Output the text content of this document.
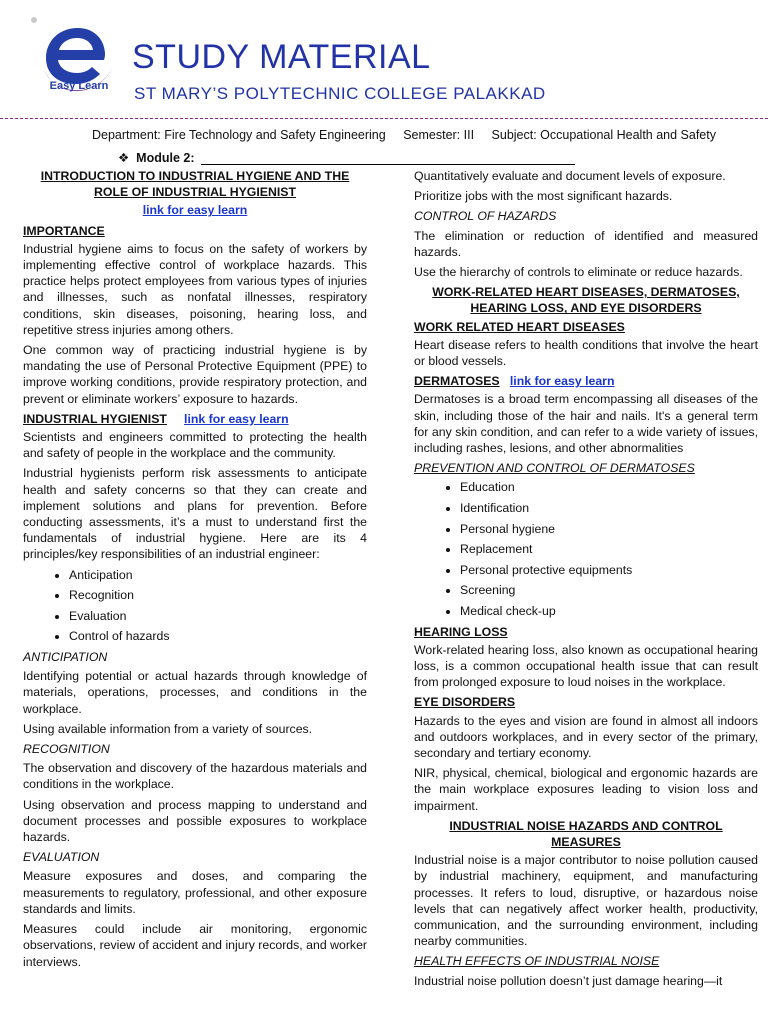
Easy Learn
STUDY MATERIAL
ST MARY’S POLYTECHNIC COLLEGE PALAKKAD
Department: Fire Technology and Safety Engineering Semester: III Subject: Occupational Health and Safety
❖ Module 2:
INTRODUCTION TO INDUSTRIAL HYGIENE AND THE ROLE OF INDUSTRIAL HYGIENIST
link for easy learn
IMPORTANCE

Industrial hygiene aims to focus on the safety of workers by implementing effective control of workplace hazards. This practice helps protect employees from various types of injuries and illnesses, such as nonfatal illnesses, respiratory conditions, skin diseases, poisoning, hearing loss, and repetitive stress injuries among others.

One common way of practicing industrial hygiene is by mandating the use of Personal Protective Equipment (PPE) to improve working conditions, provide respiratory protection, and prevent or eliminate workers’ exposure to hazards.

INDUSTRIAL HYGIENIST link for easy learn

Scientists and engineers committed to protecting the health and safety of people in the workplace and the community.

Industrial hygienists perform risk assessments to anticipate health and safety concerns so that they can create and implement solutions and plans for prevention. Before conducting assessments, it’s a must to understand first the fundamentals of industrial hygiene. Here are its 4 principles/key responsibilities of an industrial engineer:

• Anticipation
• Recognition
• Evaluation
• Control of hazards
ANTICIPATION

Identifying potential or actual hazards through knowledge of materials, operations, processes, and conditions in the workplace.

Using available information from a variety of sources.

RECOGNITION

The observation and discovery of the hazardous materials and conditions in the workplace.

Using observation and process mapping to understand and document processes and possible exposures to workplace hazards.

EVALUATION

Measure exposures and doses, and comparing the measurements to regulatory, professional, and other exposure standards and limits.

Measures could include air monitoring, ergonomic observations, review of accident and injury records, and worker interviews.

Quantitatively evaluate and document levels of exposure.

Prioritize jobs with the most significant hazards.

CONTROL OF HAZARDS

The elimination or reduction of identified and measured hazards.

Use the hierarchy of controls to eliminate or reduce hazards.

WORK-RELATED HEART DISEASES, DERMATOSES, HEARING LOSS, AND EYE DISORDERS
WORK RELATED HEART DISEASES

Heart disease refers to health conditions that involve the heart or blood vessels.

DERMATOSES link for easy learn

Dermatoses is a broad term encompassing all diseases of the skin, including those of the hair and nails. It's a general term for any skin condition, and can refer to a wide variety of issues, including rashes, lesions, and other abnormalities

PREVENTION AND CONTROL OF DERMATOSES
• Education
• Identification
• Personal hygiene
• Replacement
• Personal protective equipments
• Screening
• Medical check-up
HEARING LOSS

Work-related hearing loss, also known as occupational hearing loss, is a common occupational health issue that can result from prolonged exposure to loud noises in the workplace.

EYE DISORDERS

Hazards to the eyes and vision are found in almost all indoors and outdoors workplaces, and in every sector of the primary, secondary and tertiary economy.

NIR, physical, chemical, biological and ergonomic hazards are the main workplace exposures leading to vision loss and impairment.

INDUSTRIAL NOISE HAZARDS AND CONTROL MEASURES

Industrial noise is a major contributor to noise pollution caused by industrial machinery, equipment, and manufacturing processes. It refers to loud, disruptive, or hazardous noise levels that can negatively affect worker health, productivity, communication, and the surrounding environment, including nearby communities.

HEALTH EFFECTS OF INDUSTRIAL NOISE

Industrial noise pollution doesn’t just damage hearing—it
